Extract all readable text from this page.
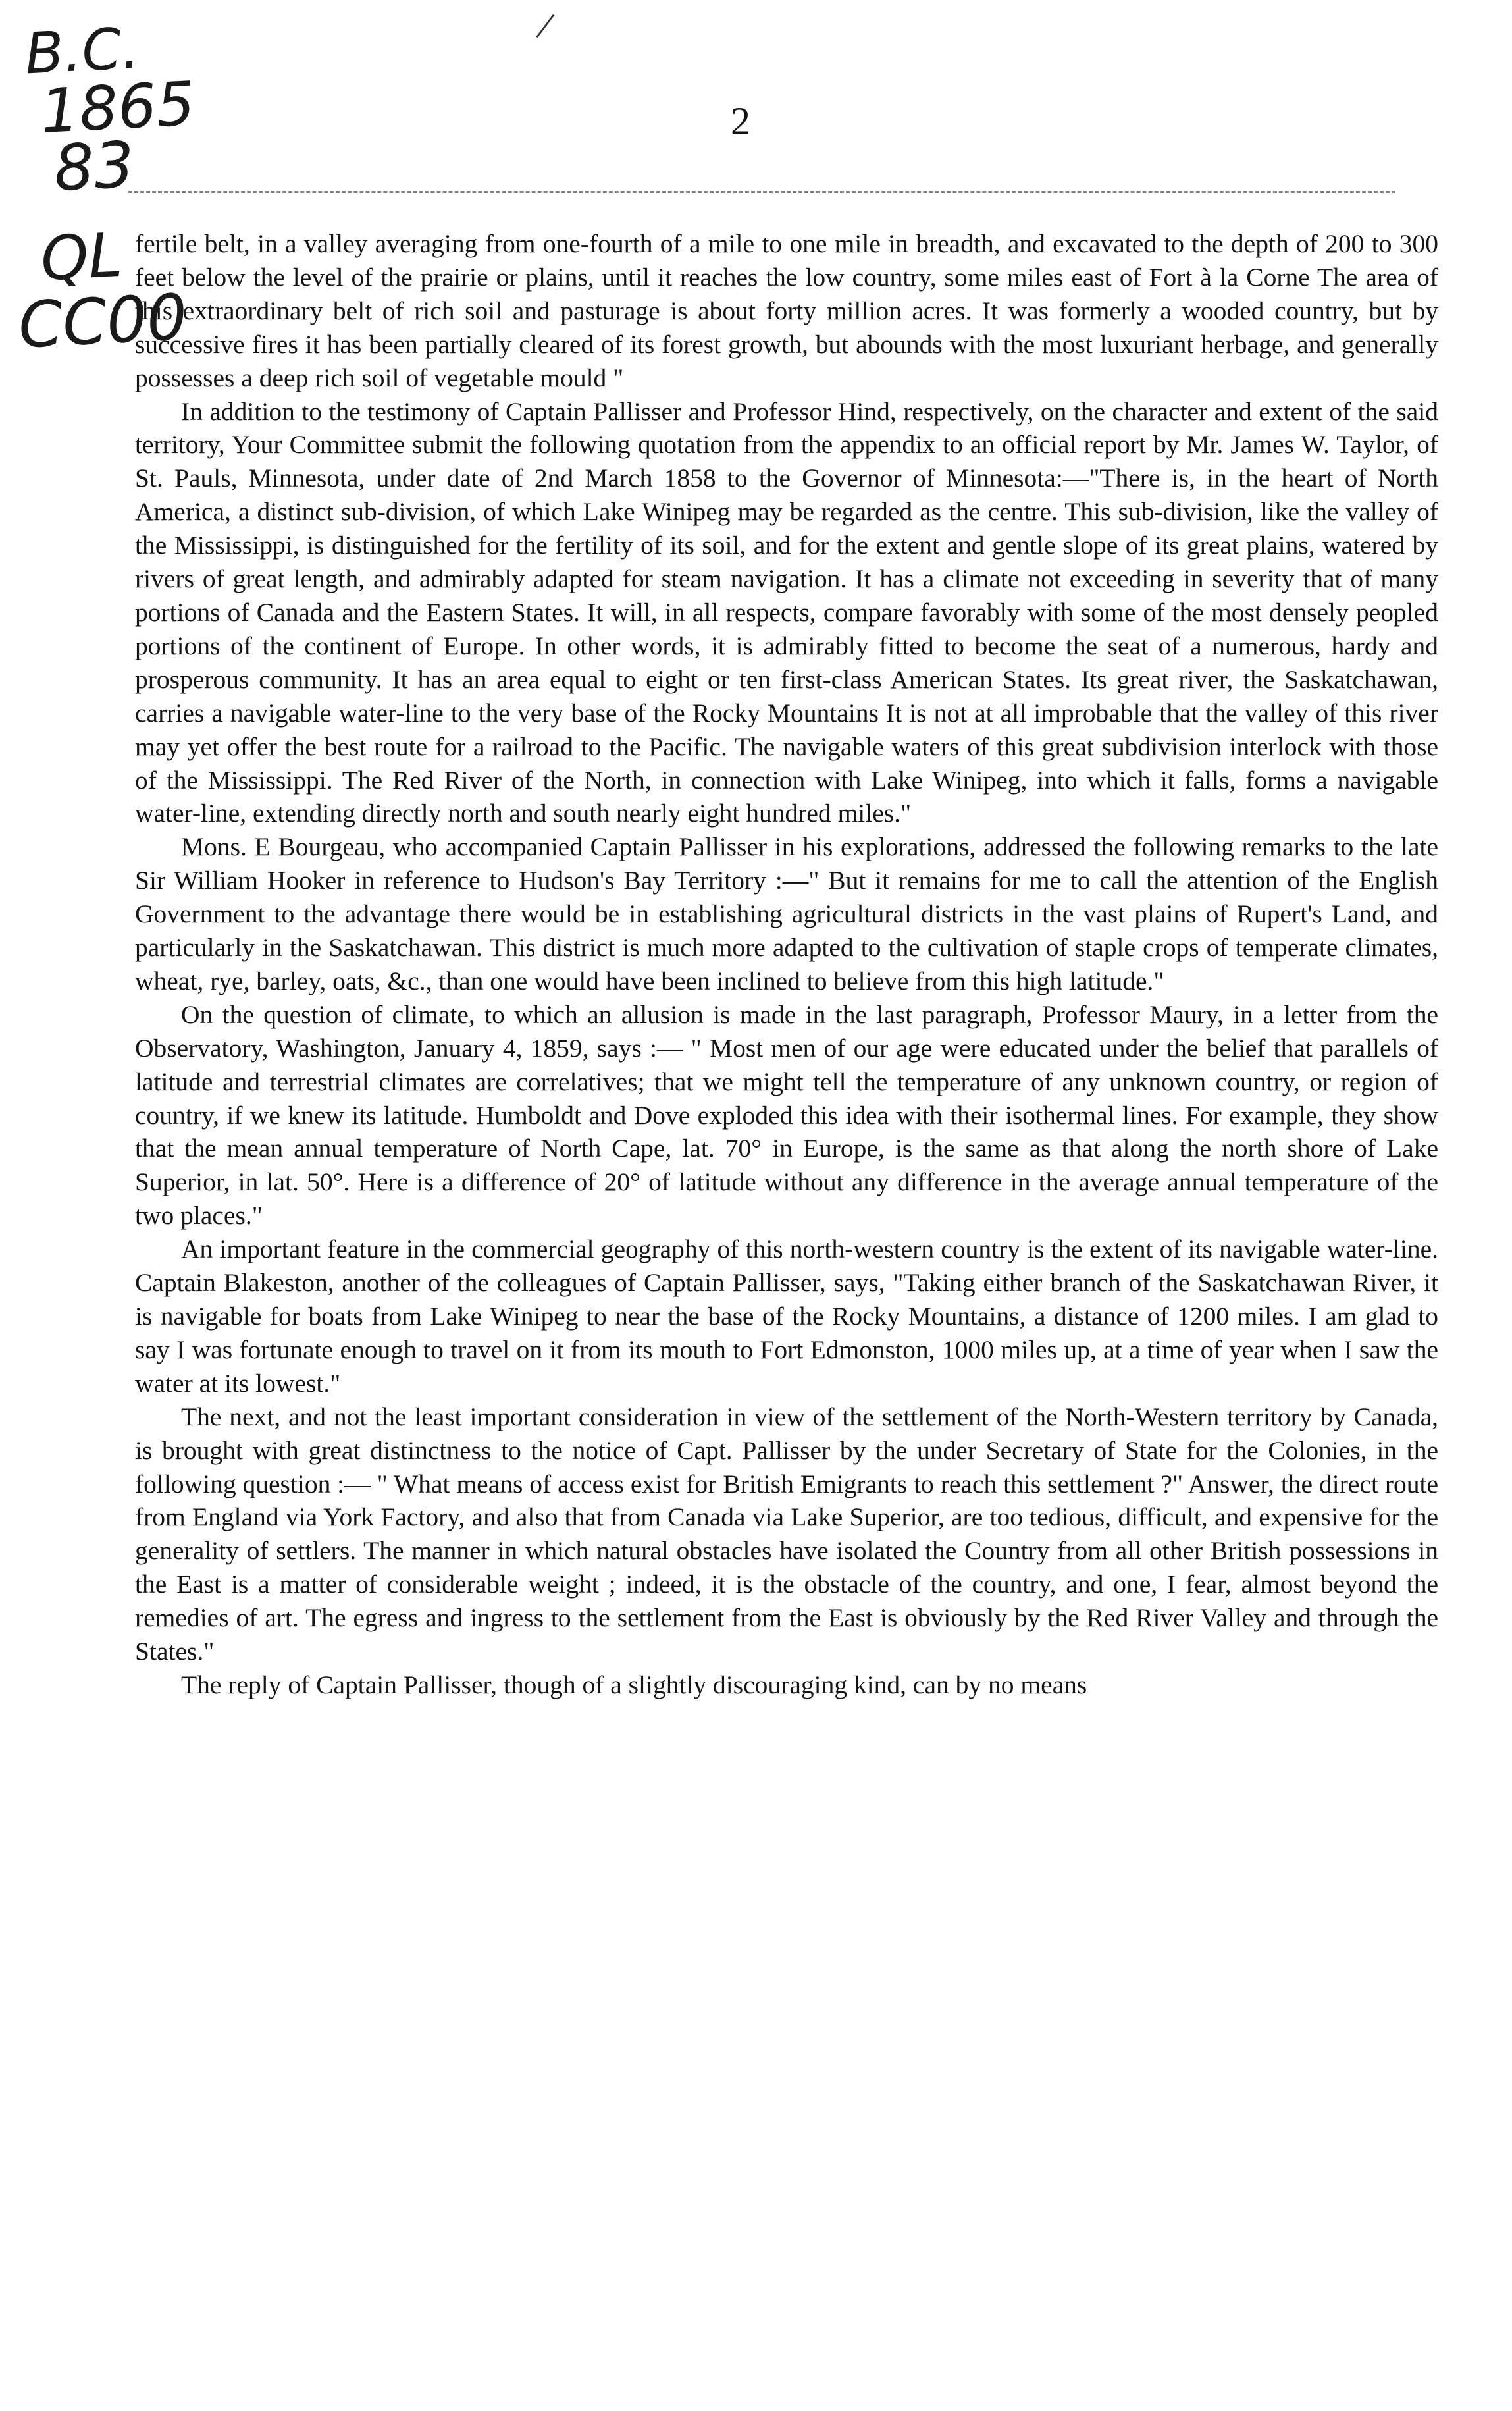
/
B.C.
1865
83
QL
CC00
2

fertile belt, in a valley averaging from one-fourth of a mile to one mile in breadth, and excavated to the depth of 200 to 300 feet below the level of the prairie or plains, until it reaches the low country, some miles east of Fort à la Corne The area of this extraordinary belt of rich soil and pasturage is about forty million acres. It was formerly a wooded country, but by successive fires it has been partially cleared of its forest growth, but abounds with the most luxuriant herbage, and generally possesses a deep rich soil of vegetable mould "

In addition to the testimony of Captain Pallisser and Professor Hind, respectively, on the character and extent of the said territory, Your Committee submit the following quotation from the appendix to an official report by Mr. James W. Taylor, of St. Pauls, Minnesota, under date of 2nd March 1858 to the Governor of Minnesota:—"There is, in the heart of North America, a distinct sub-division, of which Lake Winipeg may be regarded as the centre. This sub-division, like the valley of the Mississippi, is distinguished for the fertility of its soil, and for the extent and gentle slope of its great plains, watered by rivers of great length, and admirably adapted for steam navigation. It has a climate not exceeding in severity that of many portions of Canada and the Eastern States. It will, in all respects, compare favorably with some of the most densely peopled portions of the continent of Europe. In other words, it is admirably fitted to become the seat of a numerous, hardy and prosperous community. It has an area equal to eight or ten first-class American States. Its great river, the Saskatchawan, carries a navigable water-line to the very base of the Rocky Mountains It is not at all improbable that the valley of this river may yet offer the best route for a railroad to the Pacific. The navigable waters of this great subdivision interlock with those of the Mississippi. The Red River of the North, in connection with Lake Winipeg, into which it falls, forms a navigable water-line, extending directly north and south nearly eight hundred miles."

Mons. E Bourgeau, who accompanied Captain Pallisser in his explorations, addressed the following remarks to the late Sir William Hooker in reference to Hudson's Bay Territory :—" But it remains for me to call the attention of the English Government to the advantage there would be in establishing agricultural districts in the vast plains of Rupert's Land, and particularly in the Saskatchawan. This district is much more adapted to the cultivation of staple crops of temperate climates, wheat, rye, barley, oats, &c., than one would have been inclined to believe from this high latitude."

On the question of climate, to which an allusion is made in the last paragraph, Professor Maury, in a letter from the Observatory, Washington, January 4, 1859, says :— " Most men of our age were educated under the belief that parallels of latitude and terrestrial climates are correlatives; that we might tell the temperature of any unknown country, or region of country, if we knew its latitude. Humboldt and Dove exploded this idea with their isothermal lines. For example, they show that the mean annual temperature of North Cape, lat. 70° in Europe, is the same as that along the north shore of Lake Superior, in lat. 50°. Here is a difference of 20° of latitude without any difference in the average annual temperature of the two places."

An important feature in the commercial geography of this north-western country is the extent of its navigable water-line. Captain Blakeston, another of the colleagues of Captain Pallisser, says, "Taking either branch of the Saskatchawan River, it is navigable for boats from Lake Winipeg to near the base of the Rocky Mountains, a distance of 1200 miles. I am glad to say I was fortunate enough to travel on it from its mouth to Fort Edmonston, 1000 miles up, at a time of year when I saw the water at its lowest."

The next, and not the least important consideration in view of the settlement of the North-Western territory by Canada, is brought with great distinctness to the notice of Capt. Pallisser by the under Secretary of State for the Colonies, in the following question :— " What means of access exist for British Emigrants to reach this settlement ?" Answer, the direct route from England via York Factory, and also that from Canada via Lake Superior, are too tedious, difficult, and expensive for the generality of settlers. The manner in which natural obstacles have isolated the Country from all other British possessions in the East is a matter of considerable weight ; indeed, it is the obstacle of the country, and one, I fear, almost beyond the remedies of art. The egress and ingress to the settlement from the East is obviously by the Red River Valley and through the States."

The reply of Captain Pallisser, though of a slightly discouraging kind, can by no means
